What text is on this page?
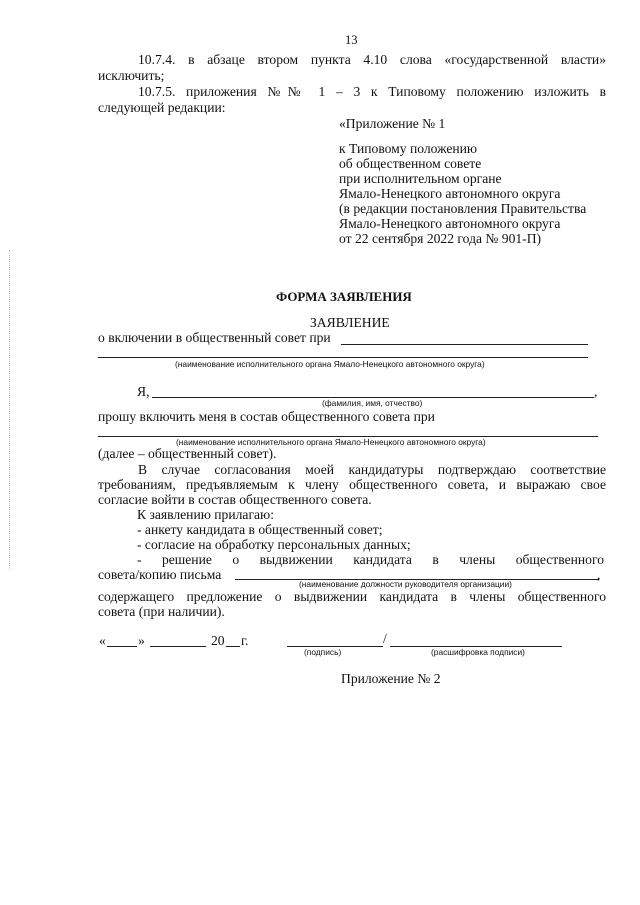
13
10.7.4. в абзаце втором пункта 4.10 слова «государственной власти»
исключить;
10.7.5. приложения №№ 1 – 3 к Типовому положению изложить в
следующей редакции:
«Приложение № 1
к Типовому положению
об общественном совете
при исполнительном органе
Ямало-Ненецкого автономного округа
(в редакции постановления Правительства
Ямало-Ненецкого автономного округа
от 22 сентября 2022 года № 901-П)
ФОРМА ЗАЯВЛЕНИЯ
ЗАЯВЛЕНИЕ
о включении в общественный совет при
(наименование исполнительного органа Ямало-Ненецкого автономного округа)
Я,	,
(фамилия, имя, отчество)
прошу включить меня в состав общественного совета при
(наименование исполнительного органа Ямало-Ненецкого автономного округа)
(далее – общественный совет).
В случае согласования моей кандидатуры подтверждаю соответствие
требованиям, предъявляемым к члену общественного совета, и выражаю свое
согласие войти в состав общественного совета.
К заявлению прилагаю:
- анкету кандидата в общественный совет;
- согласие на обработку персональных данных;
- решение о выдвижении кандидата в члены общественного
совета/копию письма	,
(наименование должности руководителя организации)
содержащего предложение о выдвижении кандидата в члены общественного
совета (при наличии).
« »	20 г.	/
(подпись)	(расшифровка подписи)
Приложение № 2
